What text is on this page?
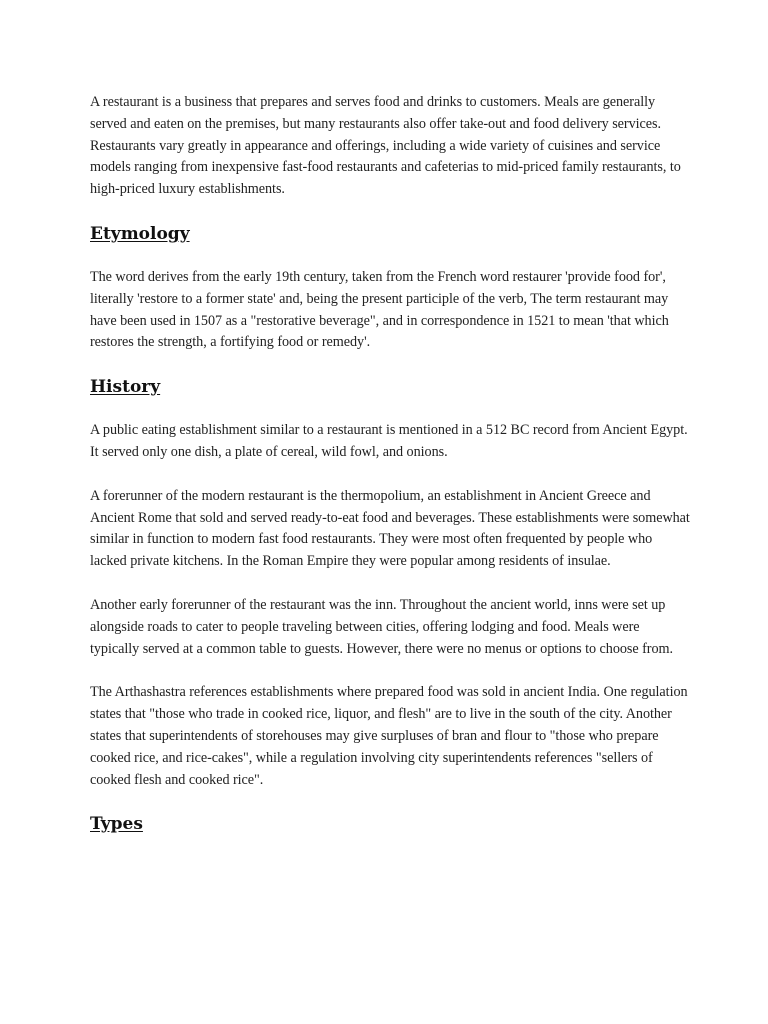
A restaurant is a business that prepares and serves food and drinks to customers. Meals are generally served and eaten on the premises, but many restaurants also offer take-out and food delivery services. Restaurants vary greatly in appearance and offerings, including a wide variety of cuisines and service models ranging from inexpensive fast-food restaurants and cafeterias to mid-priced family restaurants, to high-priced luxury establishments.

Etymology

The word derives from the early 19th century, taken from the French word restaurer 'provide food for', literally 'restore to a former state' and, being the present participle of the verb, The term restaurant may have been used in 1507 as a "restorative beverage", and in correspondence in 1521 to mean 'that which restores the strength, a fortifying food or remedy'.

History

A public eating establishment similar to a restaurant is mentioned in a 512 BC record from Ancient Egypt. It served only one dish, a plate of cereal, wild fowl, and onions.

A forerunner of the modern restaurant is the thermopolium, an establishment in Ancient Greece and Ancient Rome that sold and served ready-to-eat food and beverages. These establishments were somewhat similar in function to modern fast food restaurants. They were most often frequented by people who lacked private kitchens. In the Roman Empire they were popular among residents of insulae.

Another early forerunner of the restaurant was the inn. Throughout the ancient world, inns were set up alongside roads to cater to people traveling between cities, offering lodging and food. Meals were typically served at a common table to guests. However, there were no menus or options to choose from.

The Arthashastra references establishments where prepared food was sold in ancient India. One regulation states that "those who trade in cooked rice, liquor, and flesh" are to live in the south of the city. Another states that superintendents of storehouses may give surpluses of bran and flour to "those who prepare cooked rice, and rice-cakes", while a regulation involving city superintendents references "sellers of cooked flesh and cooked rice".

Types
